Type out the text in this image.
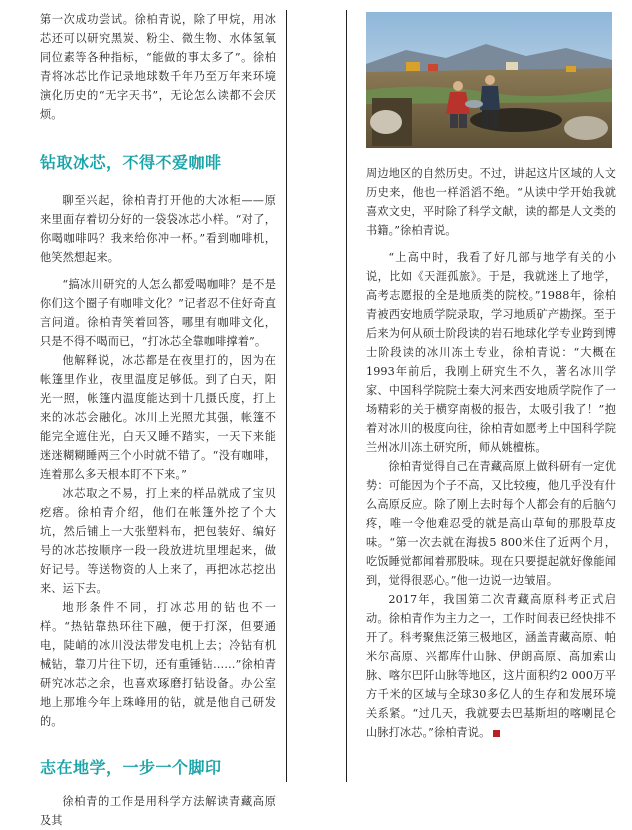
第一次成功尝试。徐柏青说，除了甲烷，用冰芯还可以研究黑炭、粉尘、微生物、水体氢氧同位素等各种指标，“能做的事太多了”。徐柏青将冰芯比作记录地球数千年乃至万年来环境演化历史的“无字天书”，无论怎么读都不会厌烦。

钻取冰芯，不得不爱咖啡

聊至兴起，徐柏青打开他的大冰柜——原来里面存着切分好的一袋袋冰芯小样。“对了，你喝咖啡吗？我来给你冲一杯。”看到咖啡机，他笑然想起来。

“搞冰川研究的人怎么都爱喝咖啡？是不是你们这个圈子有咖啡文化？”记者忍不住好奇直言问道。徐柏青笑着回答，哪里有咖啡文化，只是不得不喝而已，“打冰芯全靠咖啡撑着”。

他解释说，冰芯都是在夜里打的，因为在帐篷里作业，夜里温度足够低。到了白天，阳光一照，帐篷内温度能达到十几摄氏度，打上来的冰芯会融化。冰川上光照尤其强，帐篷不能完全遮住光，白天又睡不踏实，一天下来能迷迷糊糊睡两三个小时就不错了。“没有咖啡，连着那么多天根本盯不下来。”

冰芯取之不易，打上来的样品就成了宝贝疙瘩。徐柏青介绍，他们在帐篷外挖了个大坑，然后铺上一大张塑料布，把包装好、编好号的冰芯按顺序一段一段放进坑里埋起来，做好记号。等送物资的人上来了，再把冰芯挖出来、运下去。

地形条件不同，打冰芯用的钻也不一样。“热钻靠热环往下融，便于打深，但要通电，陡峭的冰川没法带发电机上去；冷钻有机械钻，靠刀片往下切，还有重锤钻……”徐柏青研究冰芯之余，也喜欢琢磨打钻设备。办公室地上那堆今年上珠峰用的钻，就是他自己研发的。

志在地学，一步一个脚印

徐柏青的工作是用科学方法解读青藏高原及其

周边地区的自然历史。不过，讲起这片区域的人文历史来，他也一样滔滔不绝。“从读中学开始我就喜欢文史，平时除了科学文献，读的都是人文类的书籍。”徐柏青说。

“上高中时，我看了好几部与地学有关的小说，比如《天涯孤旅》。于是，我就迷上了地学，高考志愿报的全是地质类的院校。”1988年，徐柏青被西安地质学院录取，学习地质矿产勘探。至于后来为何从硕士阶段读的岩石地球化学专业跨到博士阶段读的冰川冻土专业，徐柏青说：“大概在1993年前后，我刚上研究生不久，著名冰川学家、中国科学院院士秦大河来西安地质学院作了一场精彩的关于横穿南极的报告，太吸引我了！”抱着对冰川的极度向往，徐柏青如愿考上中国科学院兰州冰川冻土研究所，师从姚檀栋。

徐柏青觉得自己在青藏高原上做科研有一定优势：可能因为个子不高，又比较瘦，他几乎没有什么高原反应。除了刚上去时每个人都会有的后脑勺疼，唯一令他难忍受的就是高山草甸的那股草皮味。“第一次去就在海拔5 800米住了近两个月，吃饭睡觉都闻着那股味。现在只要提起就好像能闻到，觉得很恶心。”他一边说一边皱眉。

2017年，我国第二次青藏高原科考正式启动。徐柏青作为主力之一，工作时间表已经快排不开了。科考聚焦泛第三极地区，涵盖青藏高原、帕米尔高原、兴都库什山脉、伊朗高原、高加索山脉、喀尔巴阡山脉等地区，这片面积约2 000万平方千米的区域与全球30多亿人的生存和发展环境关系紧。“过几天，我就要去巴基斯坦的喀喇昆仑山脉打冰芯。”徐柏青说。
